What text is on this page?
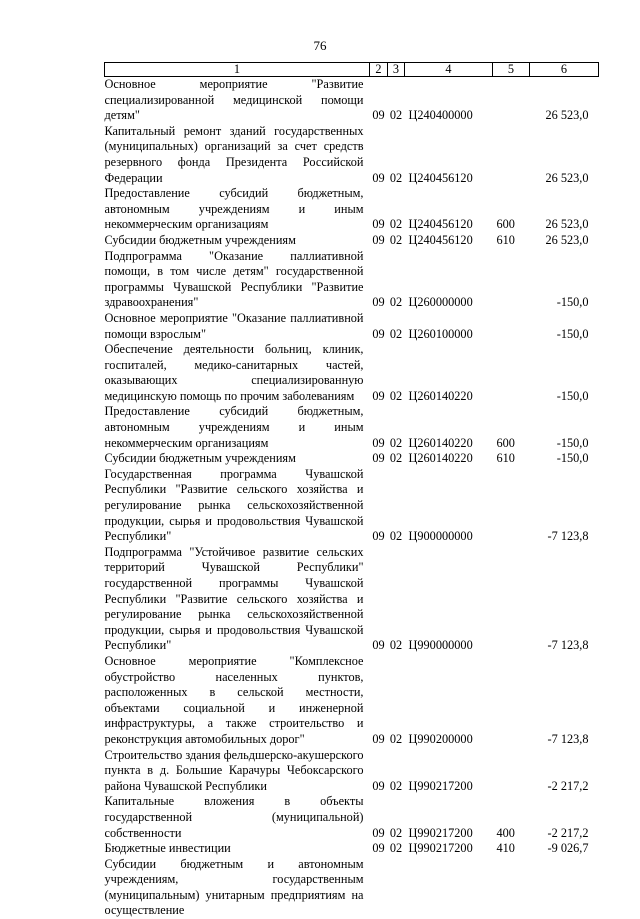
76
1	2	3	4	5	6
Основное мероприятие "Развитие специализированной медицинской помощи детям"	09	02	Ц240400000		26 523,0
Капитальный ремонт зданий государственных (муниципальных) организаций за счет средств резервного фонда Президента Российской Федерации	09	02	Ц240456120		26 523,0
Предоставление субсидий бюджетным, автономным учреждениям и иным некоммерческим организациям	09	02	Ц240456120	600	26 523,0
Субсидии бюджетным учреждениям	09	02	Ц240456120	610	26 523,0
Подпрограмма "Оказание паллиативной помощи, в том числе детям" государственной программы Чувашской Республики "Развитие здравоохранения"	09	02	Ц260000000		-150,0
Основное мероприятие "Оказание паллиативной помощи взрослым"	09	02	Ц260100000		-150,0
Обеспечение деятельности больниц, клиник, госпиталей, медико-санитарных частей, оказывающих специализированную медицинскую помощь по прочим заболеваниям	09	02	Ц260140220		-150,0
Предоставление субсидий бюджетным, автономным учреждениям и иным некоммерческим организациям	09	02	Ц260140220	600	-150,0
Субсидии бюджетным учреждениям	09	02	Ц260140220	610	-150,0
Государственная программа Чувашской Республики "Развитие сельского хозяйства и регулирование рынка сельскохозяйственной продукции, сырья и продовольствия Чувашской Республики"	09	02	Ц900000000		-7 123,8
Подпрограмма "Устойчивое развитие сельских территорий Чувашской Республики" государственной программы Чувашской Республики "Развитие сельского хозяйства и регулирование рынка сельскохозяйственной продукции, сырья и продовольствия Чувашской Республики"	09	02	Ц990000000		-7 123,8
Основное мероприятие "Комплексное обустройство населенных пунктов, расположенных в сельской местности, объектами социальной и инженерной инфраструктуры, а также строительство и реконструкция автомобильных дорог"	09	02	Ц990200000		-7 123,8
Строительство здания фельдшерско-акушерского пункта в д. Большие Карачуры Чебоксарского района Чувашской Республики	09	02	Ц990217200		-2 217,2
Капитальные вложения в объекты государственной (муниципальной) собственности	09	02	Ц990217200	400	-2 217,2
Бюджетные инвестиции	09	02	Ц990217200	410	-9 026,7
Субсидии бюджетным и автономным учреждениям, государственным (муниципальным) унитарным предприятиям на осуществление					
